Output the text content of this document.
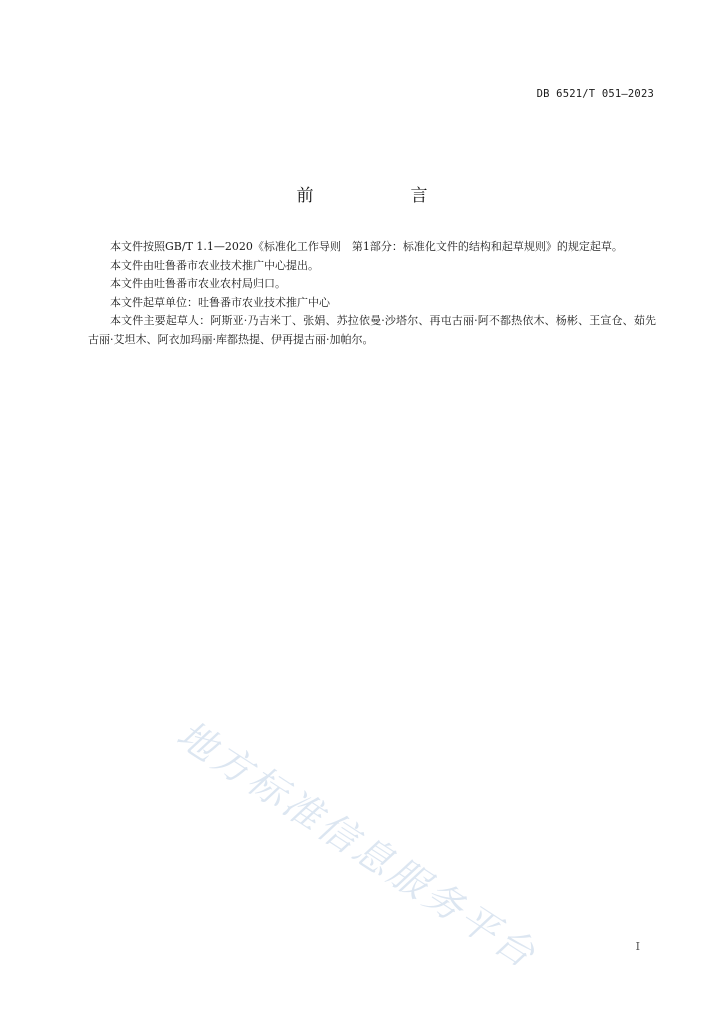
DB 6521/T 051—2023
前　言

本文件按照GB/T 1.1—2020《标准化工作导则　第1部分：标准化文件的结构和起草规则》的规定起草。

本文件由吐鲁番市农业技术推广中心提出。

本文件由吐鲁番市农业农村局归口。

本文件起草单位：吐鲁番市农业技术推广中心

本文件主要起草人：阿斯亚·乃吉米丁、张娟、苏拉依曼·沙塔尔、再屯古丽·阿不都热依木、杨彬、王宣仓、茹先古丽·艾坦木、阿衣加玛丽·库都热提、伊再提古丽·加帕尔。

地方标准信息服务平台	I
